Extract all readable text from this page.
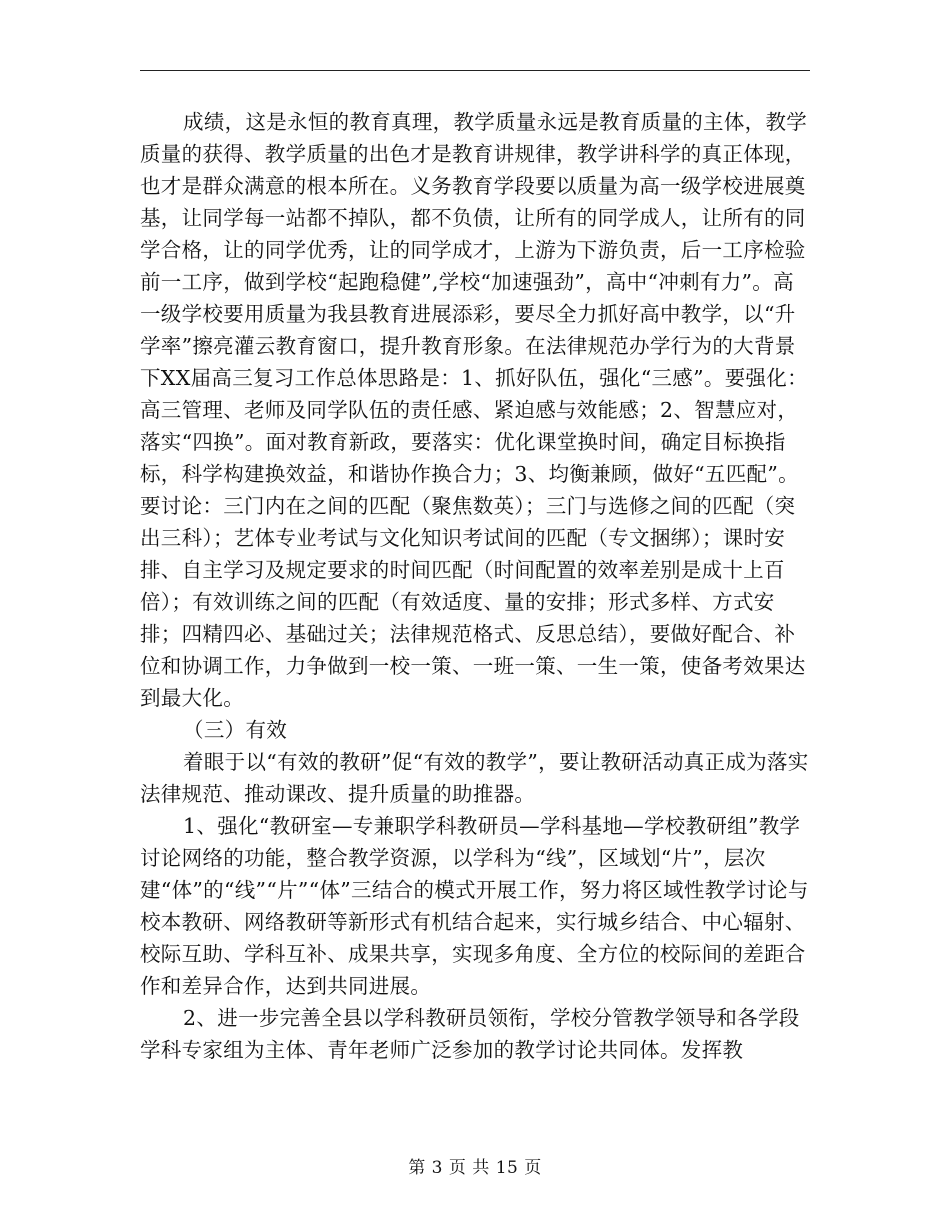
成绩，这是永恒的教育真理，教学质量永远是教育质量的主体，教学质量的获得、教学质量的出色才是教育讲规律，教学讲科学的真正体现，也才是群众满意的根本所在。义务教育学段要以质量为高一级学校进展奠基，让同学每一站都不掉队，都不负债，让所有的同学成人，让所有的同学合格，让的同学优秀，让的同学成才，上游为下游负责，后一工序检验前一工序，做到学校“起跑稳健”,学校“加速强劲”，高中“冲刺有力”。高一级学校要用质量为我县教育进展添彩，要尽全力抓好高中教学，以“升学率”擦亮灌云教育窗口，提升教育形象。在法律规范办学行为的大背景下XX届高三复习工作总体思路是：1、抓好队伍，强化“三感”。要强化：高三管理、老师及同学队伍的责任感、紧迫感与效能感；2、智慧应对，落实“四换”。面对教育新政，要落实：优化课堂换时间，确定目标换指标，科学构建换效益，和谐协作换合力；3、均衡兼顾，做好“五匹配”。要讨论：三门内在之间的匹配（聚焦数英）；三门与选修之间的匹配（突出三科）；艺体专业考试与文化知识考试间的匹配（专文捆绑）；课时安排、自主学习及规定要求的时间匹配（时间配置的效率差别是成十上百倍）；有效训练之间的匹配（有效适度、量的安排；形式多样、方式安排；四精四必、基础过关；法律规范格式、反思总结），要做好配合、补位和协调工作，力争做到一校一策、一班一策、一生一策，使备考效果达到最大化。

（三）有效

着眼于以“有效的教研”促“有效的教学”，要让教研活动真正成为落实法律规范、推动课改、提升质量的助推器。

1、强化“教研室—专兼职学科教研员—学科基地—学校教研组”教学讨论网络的功能，整合教学资源，以学科为“线”，区域划“片”，层次建“体”的“线”“片”“体”三结合的模式开展工作，努力将区域性教学讨论与校本教研、网络教研等新形式有机结合起来，实行城乡结合、中心辐射、校际互助、学科互补、成果共享，实现多角度、全方位的校际间的差距合作和差异合作，达到共同进展。

2、进一步完善全县以学科教研员领衔，学校分管教学领导和各学段学科专家组为主体、青年老师广泛参加的教学讨论共同体。发挥教

第 3 页 共 15 页
